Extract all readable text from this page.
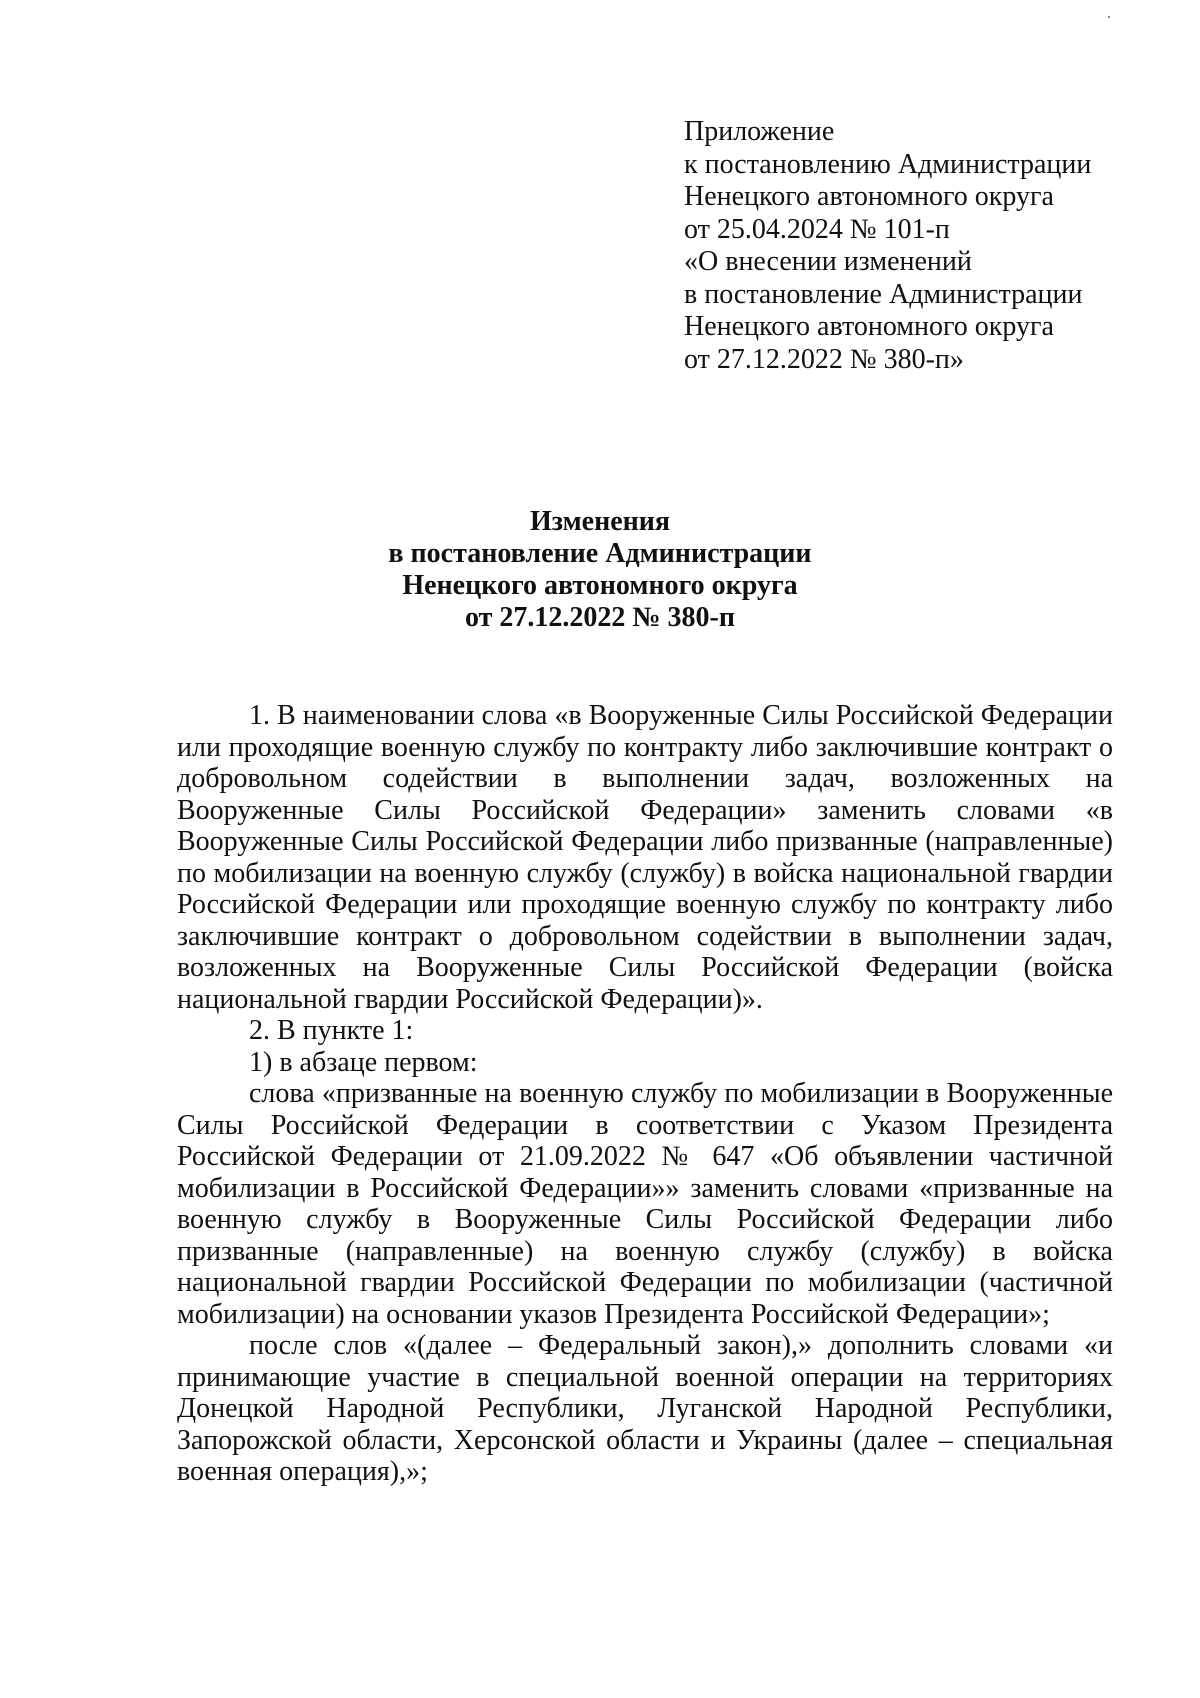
Приложение
к постановлению Администрации
Ненецкого автономного округа
от 25.04.2024 № 101-п
«О внесении изменений
в постановление Администрации
Ненецкого автономного округа
от 27.12.2022 № 380-п»
Изменения
в постановление Администрации
Ненецкого автономного округа
от 27.12.2022 № 380-п

1. В наименовании слова «в Вооруженные Силы Российской Федерации или проходящие военную службу по контракту либо заключившие контракт о добровольном содействии в выполнении задач, возложенных на Вооруженные Силы Российской Федерации» заменить словами «в Вооруженные Силы Российской Федерации либо призванные (направленные) по мобилизации на военную службу (службу) в войска национальной гвардии Российской Федерации или проходящие военную службу по контракту либо заключившие контракт о добровольном содействии в выполнении задач, возложенных на Вооруженные Силы Российской Федерации (войска национальной гвардии Российской Федерации)».

2. В пункте 1:

1) в абзаце первом:

слова «призванные на военную службу по мобилизации в Вооруженные Силы Российской Федерации в соответствии с Указом Президента Российской Федерации от 21.09.2022 № 647 «Об объявлении частичной мобилизации в Российской Федерации»» заменить словами «призванные на военную службу в Вооруженные Силы Российской Федерации либо призванные (направленные) на военную службу (службу) в войска национальной гвардии Российской Федерации по мобилизации (частичной мобилизации) на основании указов Президента Российской Федерации»;

после слов «(далее – Федеральный закон),» дополнить словами «и принимающие участие в специальной военной операции на территориях Донецкой Народной Республики, Луганской Народной Республики, Запорожской области, Херсонской области и Украины (далее – специальная военная операция),»;
